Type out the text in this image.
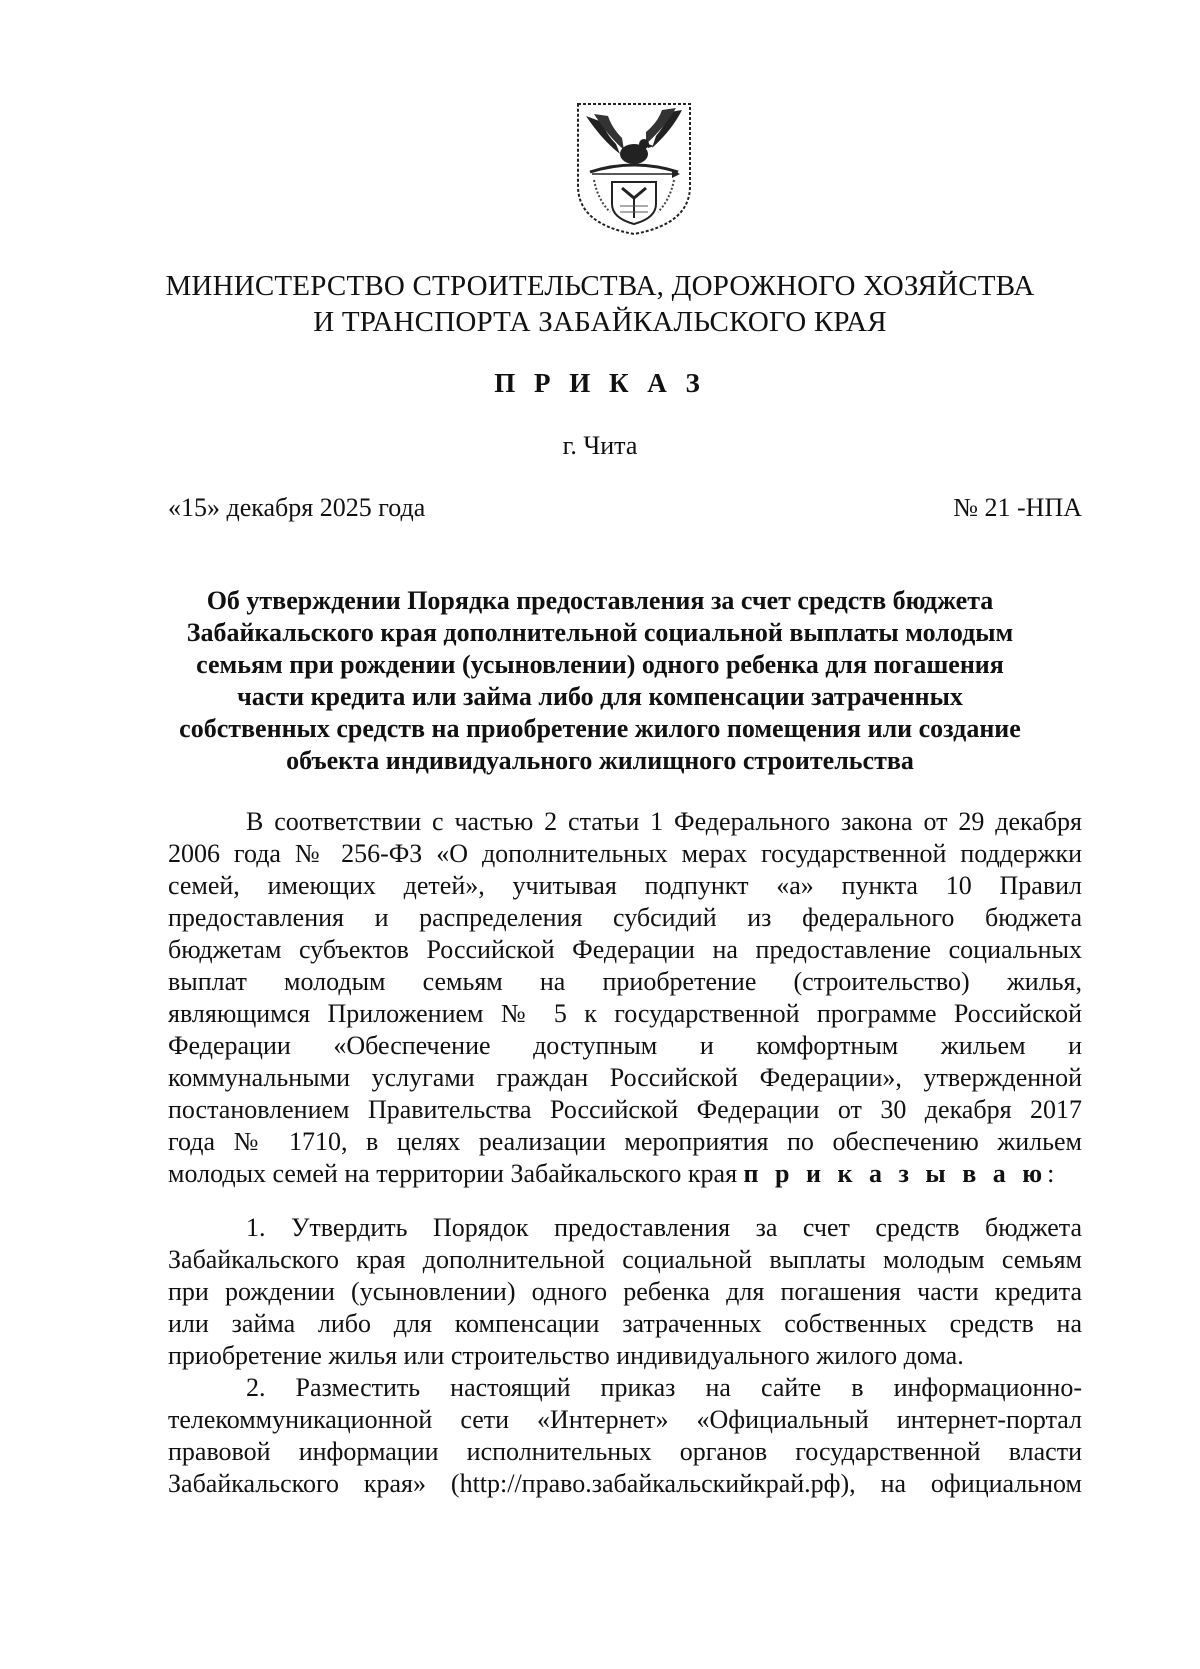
МИНИСТЕРСТВО СТРОИТЕЛЬСТВА, ДОРОЖНОГО ХОЗЯЙСТВА
И ТРАНСПОРТА ЗАБАЙКАЛЬСКОГО КРАЯ
П Р И К А З
г. Чита
«15» декабря 2025 года	№ 21 -НПА
Об утверждении Порядка предоставления за счет средств бюджета
Забайкальского края дополнительной социальной выплаты молодым
семьям при рождении (усыновлении) одного ребенка для погашения
части кредита или займа либо для компенсации затраченных
собственных средств на приобретение жилого помещения или создание
объекта индивидуального жилищного строительства
В соответствии с частью 2 статьи 1 Федерального закона от 29 декабря
2006 года № 256-ФЗ «О дополнительных мерах государственной поддержки
семей, имеющих детей», учитывая подпункт «а» пункта 10 Правил
предоставления и распределения субсидий из федерального бюджета
бюджетам субъектов Российской Федерации на предоставление социальных
выплат молодым семьям на приобретение (строительство) жилья,
являющимся Приложением № 5 к государственной программе Российской
Федерации «Обеспечение доступным и комфортным жильем и
коммунальными услугами граждан Российской Федерации», утвержденной
постановлением Правительства Российской Федерации от 30 декабря 2017
года № 1710, в целях реализации мероприятия по обеспечению жильем
молодых семей на территории Забайкальского края п р и к а з ы в а ю:
1. Утвердить Порядок предоставления за счет средств бюджета
Забайкальского края дополнительной социальной выплаты молодым семьям
при рождении (усыновлении) одного ребенка для погашения части кредита
или займа либо для компенсации затраченных собственных средств на
приобретение жилья или строительство индивидуального жилого дома.
2. Разместить настоящий приказ на сайте в информационно-
телекоммуникационной сети «Интернет» «Официальный интернет-портал
правовой информации исполнительных органов государственной власти
Забайкальского края» (http://право.забайкальскийкрай.рф), на официальном
